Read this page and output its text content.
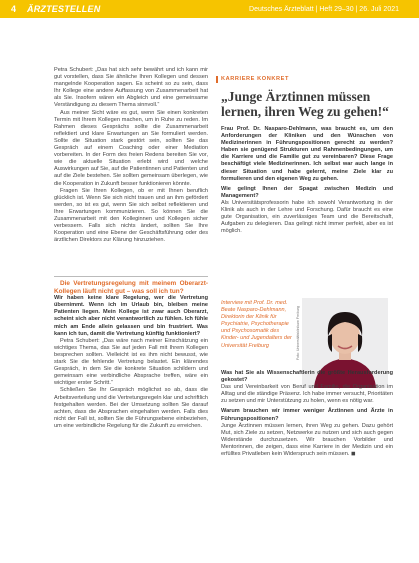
4	ÄRZTESTELLEN	Deutsches Ärzteblatt | Heft 29–30 | 26. Juli 2021

Petra Schubert: „Das hat sich sehr bewährt und ich kann mir gut vorstellen, dass Sie ähnliche Ihren Kollegen und dessen mangelnde Kooperation sagen. Es scheint so zu sein, dass Ihr Kollege eine andere Auffassung von Zusammenarbeit hat als Sie. Insofern wären ein Abgleich und eine gemeinsame Verständigung zu diesem Thema sinnvoll.“

Aus meiner Sicht wäre es gut, wenn Sie einen konkreten Termin mit Ihrem Kollegen machen, um in Ruhe zu reden. Im Rahmen dieses Gesprächs sollte die Zusammenarbeit reflektiert und klare Erwartungen an Sie formuliert werden. Sollte die Situation stark gestört sein, sollten Sie das Gespräch auf einem Coaching oder einer Mediation vorbereiten. In der Form des freien Redens bereiten Sie vor, wie die aktuelle Situation erlebt wird und welche Auswirkungen auf Sie, auf die Patientinnen und Patienten und auf die Ziele bestehen. Sie sollten gemeinsam überlegen, wie die Kooperation in Zukunft besser funktionieren könnte.

Fragen Sie Ihren Kollegen, ob er mit Ihnen beruflich glücklich ist. Wenn Sie sich nicht trauen und an ihm gefördert werden, so ist es gut, wenn Sie sich selbst reflektieren und Ihre Erwartungen kommunizieren. So können Sie die Zusammenarbeit mit den Kolleginnen und Kollegen sicher verbessern. Falls sich nichts ändert, sollten Sie Ihre Kooperation und eine Ebene der Geschäftsführung oder des ärztlichen Direktors zur Klärung hinzuziehen.

Die Vertretungsregelung mit meinem Oberarzt-Kollegen läuft nicht gut – was soll ich tun?

Wir haben keine klare Regelung, wer die Vertretung übernimmt. Wenn ich im Urlaub bin, bleiben meine Patienten liegen. Mein Kollege ist zwar auch Oberarzt, scheint sich aber nicht verantwortlich zu fühlen. Ich fühle mich am Ende allein gelassen und bin frustriert. Was kann ich tun, damit die Vertretung künftig funktioniert?

Petra Schubert: „Das wäre nach meiner Einschätzung ein wichtiges Thema, das Sie auf jeden Fall mit Ihrem Kollegen besprechen sollten. Vielleicht ist es ihm nicht bewusst, wie stark Sie die fehlende Vertretung belastet. Ein klärendes Gespräch, in dem Sie die konkrete Situation schildern und gemeinsam eine verbindliche Absprache treffen, wäre ein wichtiger erster Schritt.“

Schließen Sie Ihr Gespräch möglichst so ab, dass die Arbeitsverteilung und die Vertretungsregeln klar und schriftlich festgehalten werden. Bei der Umsetzung sollten Sie darauf achten, dass die Absprachen eingehalten werden. Falls dies nicht der Fall ist, sollten Sie die Führungsebene einbeziehen, um eine verbindliche Regelung für die Zukunft zu erreichen.

KARRIERE KONKRET
„Junge Ärztinnen müssen lernen, ihren Weg zu gehen!“

Frau Prof. Dr. Nasparo-Dehlmann, was braucht es, um den Anforderungen der Kliniken und den Wünschen von Medizinerinnen in Führungspositionen gerecht zu werden? Haben sie genügend Strukturen und Rahmenbedingungen, um die Karriere und die Familie gut zu vereinbaren? Diese Frage beschäftigt viele Medizinerinnen. Ich selbst war auch lange in dieser Situation und habe gelernt, meine Ziele klar zu formulieren und den eigenen Weg zu gehen.

Wie gelingt Ihnen der Spagat zwischen Medizin und Management?

Als Universitätsprofessorin habe ich sowohl Verantwortung in der Klinik als auch in der Lehre und Forschung. Dafür braucht es eine gute Organisation, ein zuverlässiges Team und die Bereitschaft, Aufgaben zu delegieren. Das gelingt nicht immer perfekt, aber es ist möglich.

Interview mit Prof. Dr. med. Beate Nasparo-Dehlmann, Direktorin der Klinik für Psychiatrie, Psychotherapie und Psychosomatik des Kinder- und Jugendalters der Universität Freiburg	Foto: Universitätsklinikum Freiburg

Was hat Sie als Wissenschaftlerin die größte Herausforderung gekostet?

Das und Vereinbarkeit von Beruf und Familie, die Organisation im Alltag und die ständige Präsenz. Ich habe immer versucht, Prioritäten zu setzen und mir Unterstützung zu holen, wenn es nötig war.

Warum brauchen wir immer weniger Ärztinnen und Ärzte in Führungspositionen?

Junge Ärztinnen müssen lernen, ihren Weg zu gehen. Dazu gehört Mut, sich Ziele zu setzen, Netzwerke zu nutzen und sich auch gegen Widerstände durchzusetzen. Wir brauchen Vorbilder und Mentorinnen, die zeigen, dass eine Karriere in der Medizin und ein erfülltes Privatleben kein Widerspruch sein müssen. ◼
